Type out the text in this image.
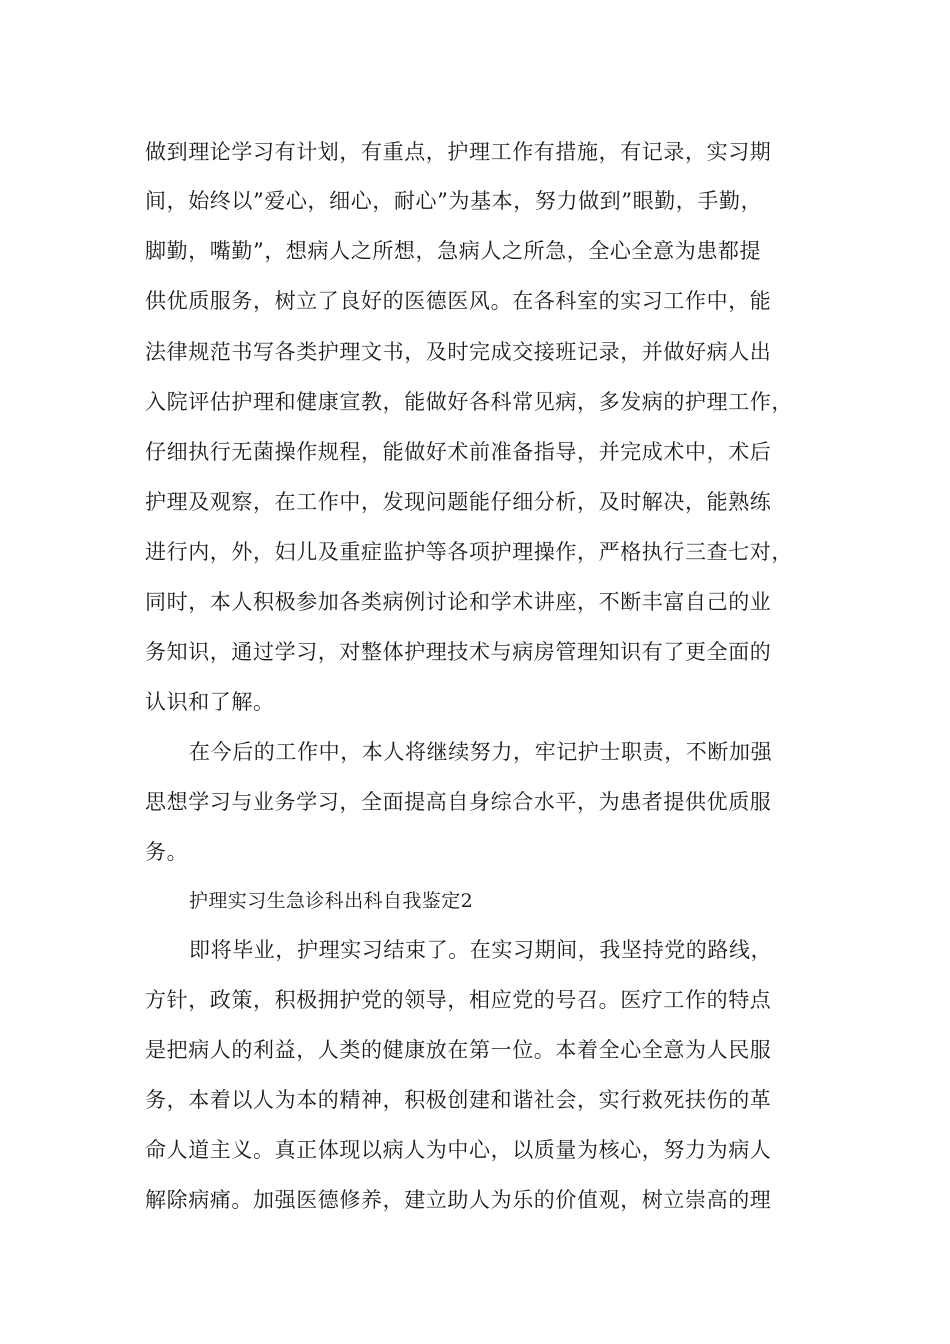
做到理论学习有计划，有重点，护理工作有措施，有记录，实习期
间，始终以”爱心，细心，耐心”为基本，努力做到”眼勤，手勤，
脚勤，嘴勤”，想病人之所想，急病人之所急，全心全意为患都提
供优质服务，树立了良好的医德医风。在各科室的实习工作中，能
法律规范书写各类护理文书，及时完成交接班记录，并做好病人出
入院评估护理和健康宣教，能做好各科常见病，多发病的护理工作，
仔细执行无菌操作规程，能做好术前准备指导，并完成术中，术后
护理及观察，在工作中，发现问题能仔细分析，及时解决，能熟练
进行内，外，妇儿及重症监护等各项护理操作，严格执行三查七对，
同时，本人积极参加各类病例讨论和学术讲座，不断丰富自己的业
务知识，通过学习，对整体护理技术与病房管理知识有了更全面的
认识和了解。
在今后的工作中，本人将继续努力，牢记护士职责，不断加强
思想学习与业务学习，全面提高自身综合水平，为患者提供优质服
务。
护理实习生急诊科出科自我鉴定2
即将毕业，护理实习结束了。在实习期间，我坚持党的路线，
方针，政策，积极拥护党的领导，相应党的号召。医疗工作的特点
是把病人的利益，人类的健康放在第一位。本着全心全意为人民服
务，本着以人为本的精神，积极创建和谐社会，实行救死扶伤的革
命人道主义。真正体现以病人为中心，以质量为核心，努力为病人
解除病痛。加强医德修养，建立助人为乐的价值观，树立崇高的理
